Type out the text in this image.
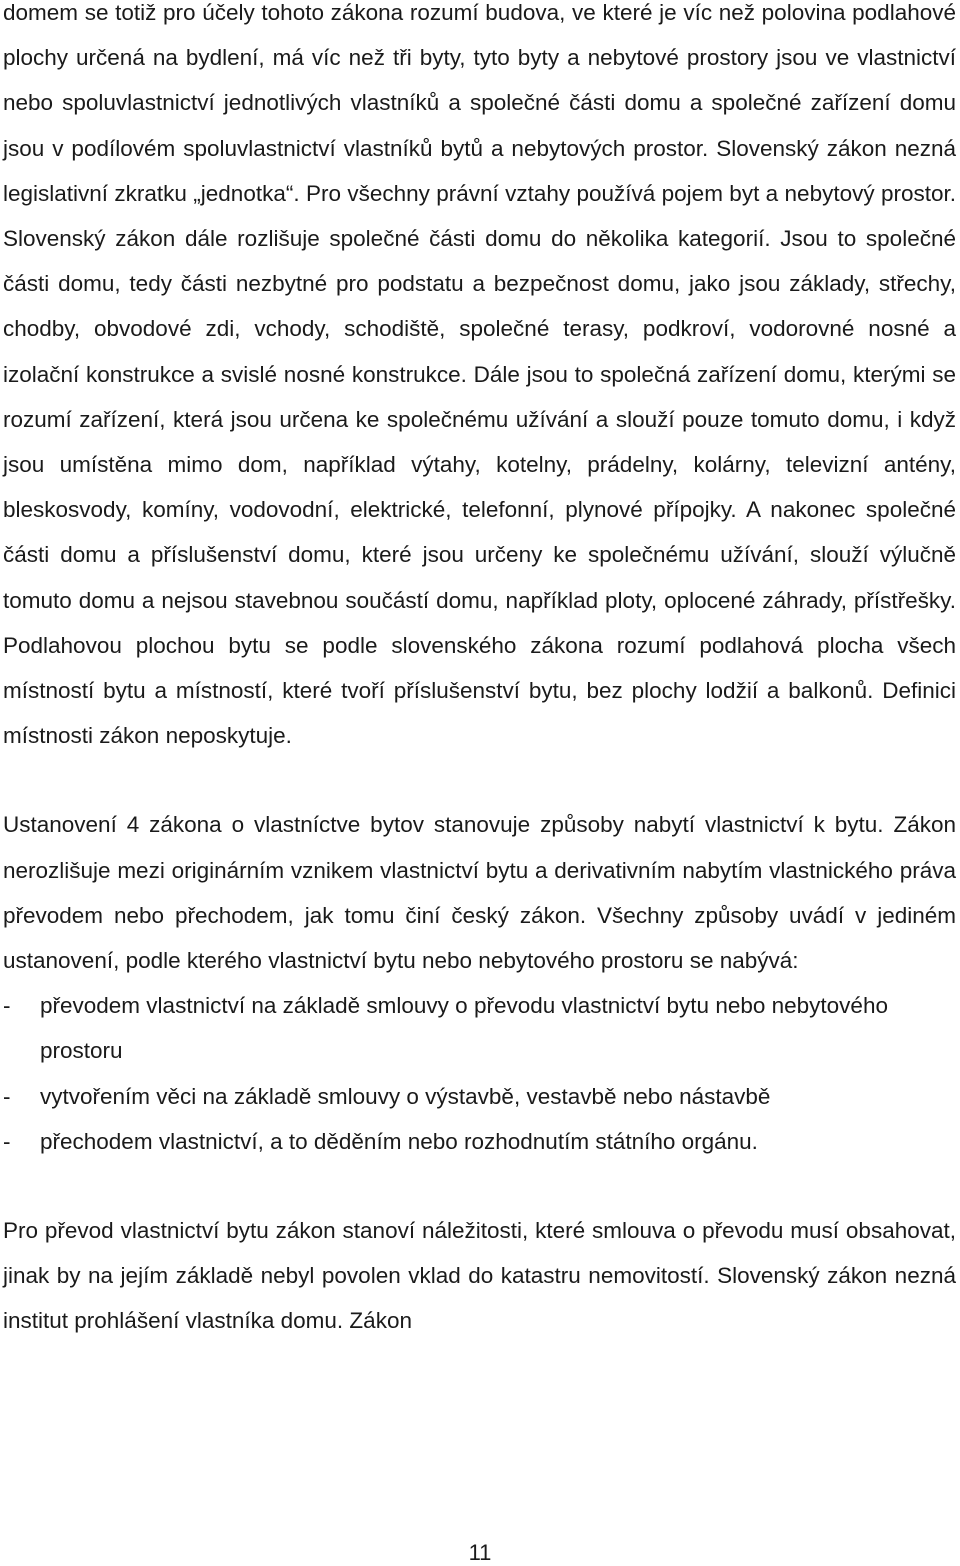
domem se totiž pro účely tohoto zákona rozumí budova, ve které je víc než polovina podlahové plochy určená na bydlení, má víc než tři byty, tyto byty a nebytové prostory jsou ve vlastnictví nebo spoluvlastnictví jednotlivých vlastníků a společné části domu a společné zařízení domu jsou v podílovém spoluvlastnictví vlastníků bytů a nebytových prostor. Slovenský zákon nezná legislativní zkratku „jednotka“. Pro všechny právní vztahy používá pojem byt a nebytový prostor. Slovenský zákon dále rozlišuje společné části domu do několika kategorií. Jsou to společné části domu, tedy části nezbytné pro podstatu a bezpečnost domu, jako jsou základy, střechy, chodby, obvodové zdi, vchody, schodiště, společné terasy, podkroví, vodorovné nosné a izolační konstrukce a svislé nosné konstrukce. Dále jsou to společná zařízení domu, kterými se rozumí zařízení, která jsou určena ke společnému užívání a slouží pouze tomuto domu, i když jsou umístěna mimo dom, například výtahy, kotelny, prádelny, kolárny, televizní antény, bleskosvody, komíny, vodovodní, elektrické, telefonní, plynové přípojky. A nakonec společné části domu a příslušenství domu, které jsou určeny ke společnému užívání, slouží výlučně tomuto domu a nejsou stavebnou součástí domu, například ploty, oplocené záhrady, přístřešky. Podlahovou plochou bytu se podle slovenského zákona rozumí podlahová plocha všech místností bytu a místností, které tvoří příslušenství bytu, bez plochy lodžií a balkonů. Definici místnosti zákon neposkytuje.

Ustanovení 4 zákona o vlastníctve bytov stanovuje způsoby nabytí vlastnictví k bytu. Zákon nerozlišuje mezi originárním vznikem vlastnictví bytu a derivativním nabytím vlastnického práva převodem nebo přechodem, jak tomu činí český zákon. Všechny způsoby uvádí v jediném ustanovení, podle kterého vlastnictví bytu nebo nebytového prostoru se nabývá:

- převodem vlastnictví na základě smlouvy o převodu vlastnictví bytu nebo nebytového prostoru
- vytvořením věci na základě smlouvy o výstavbě, vestavbě nebo nástavbě
- přechodem vlastnictví, a to děděním nebo rozhodnutím státního orgánu.

Pro převod vlastnictví bytu zákon stanoví náležitosti, které smlouva o převodu musí obsahovat, jinak by na jejím základě nebyl povolen vklad do katastru nemovitostí. Slovenský zákon nezná institut prohlášení vlastníka domu. Zákon

11
